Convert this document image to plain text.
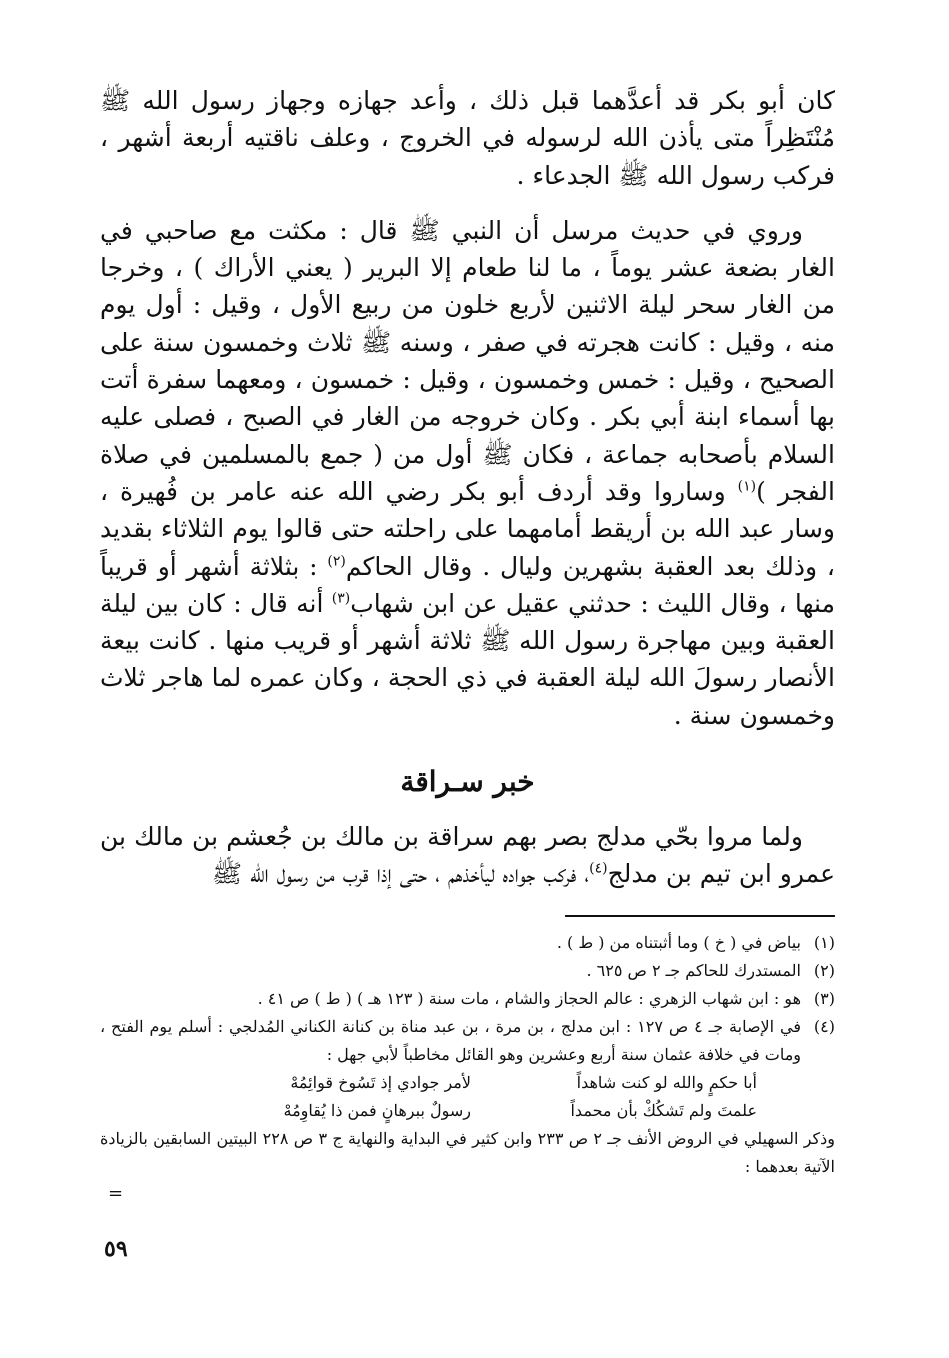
كان أبو بكر قد أعدَّهما قبل ذلك ، وأعد جهازه وجهاز رسول الله ﷺ مُنْتَظِراً متى يأذن الله لرسوله في الخروج ، وعلف ناقتيه أربعة أشهر ، فركب رسول الله ﷺ الجدعاء .

وروي في حديث مرسل أن النبي ﷺ قال : مكثت مع صاحبي في الغار بضعة عشر يوماً ، ما لنا طعام إلا البرير ( يعني الأراك ) ، وخرجا من الغار سحر ليلة الاثنين لأربع خلون من ربيع الأول ، وقيل : أول يوم منه ، وقيل : كانت هجرته في صفر ، وسنه ﷺ ثلاث وخمسون سنة على الصحيح ، وقيل : خمس وخمسون ، وقيل : خمسون ، ومعهما سفرة أتت بها أسماء ابنة أبي بكر . وكان خروجه من الغار في الصبح ، فصلى عليه السلام بأصحابه جماعة ، فكان ﷺ أول من ( جمع بالمسلمين في صلاة الفجر )$^{(١)}$ وساروا وقد أردف أبو بكر رضي الله عنه عامر بن فُهيرة ، وسار عبد الله بن أريقط أمامهما على راحلته حتى قالوا يوم الثلاثاء بقديد ، وذلك بعد العقبة بشهرين وليال . وقال الحاكم$^{(٢)}$ : بثلاثة أشهر أو قريباً منها ، وقال الليث : حدثني عقيل عن ابن شهاب$^{(٣)}$ أنه قال : كان بين ليلة العقبة وبين مهاجرة رسول الله ﷺ ثلاثة أشهر أو قريب منها . كانت بيعة الأنصار رسولَ الله ليلة العقبة في ذي الحجة ، وكان عمره لما هاجر ثلاث وخمسون سنة .

خبر سـراقة

ولما مروا بحّي مدلج بصر بهم سراقة بن مالك بن جُعشم بن مالك بن عمرو ابن تيم بن مدلج$^{(٤)}$، فركب جواده ليأخذهم ، حتى إذا قرب من رسول الله ﷺ

(١)
بياض في ( خ ) وما أثبتناه من ( ط ) .
(٢)
المستدرك للحاكم جـ ٢ ص ٦٢٥ .
(٣)
هو : ابن شهاب الزهري : عالم الحجاز والشام ، مات سنة ( ١٢٣ هـ ) ( ط ) ص ٤١ .
(٤)
في الإصابة جـ ٤ ص ١٢٧ : ابن مدلج ، بن مرة ، بن عبد مناة بن كنانة الكناني المُدلجي : أسلم يوم الفتح ، ومات في خلافة عثمان سنة أربع وعشرين وهو القائل مخاطباً لأبي جهل :
أبا حكمٍ والله لو كنت شاهداً
لأمر جوادي إذ تَسُوخ قوائِمُهْ
علمتَ ولم تَشكُكْ بأن محمداً
رسولٌ ببرهانٍ فمن ذا يُقاوِمُهْ
وذكر السهيلي في الروض الأنف جـ ٢ ص ٢٣٣ وابن كثير في البداية والنهاية ج ٣ ص ٢٢٨ البيتين السابقين بالزيادة الآتية بعدهما :
=
٥٩
